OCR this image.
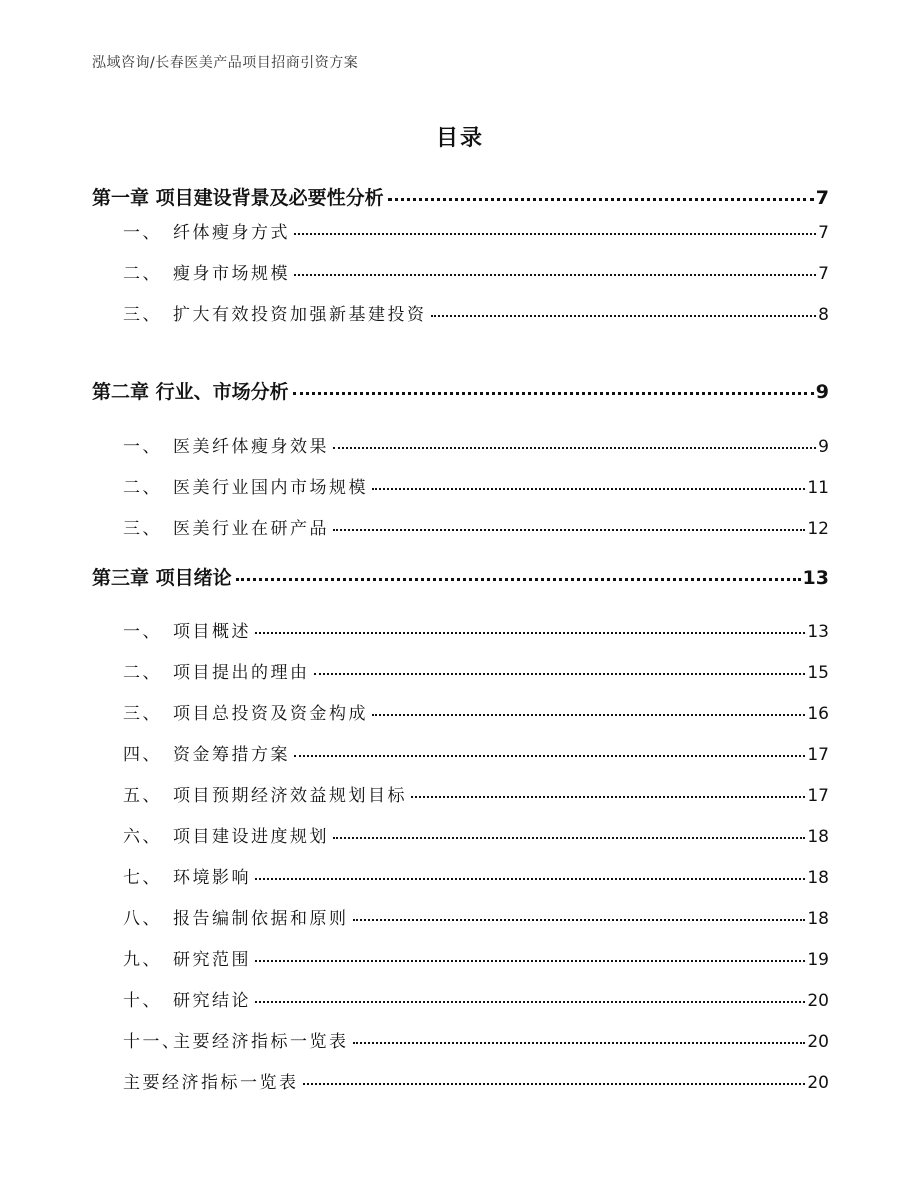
泓域咨询/长春医美产品项目招商引资方案
目录
第一章 项目建设背景及必要性分析	7
一、 纤体瘦身方式	7
二、 瘦身市场规模	7
三、 扩大有效投资加强新基建投资	8
第二章 行业、市场分析	9
一、 医美纤体瘦身效果	9
二、 医美行业国内市场规模	11
三、 医美行业在研产品	12
第三章 项目绪论	13
一、 项目概述	13
二、 项目提出的理由	15
三、 项目总投资及资金构成	16
四、 资金筹措方案	17
五、 项目预期经济效益规划目标	17
六、 项目建设进度规划	18
七、 环境影响	18
八、 报告编制依据和原则	18
九、 研究范围	19
十、 研究结论	20
十一、主要经济指标一览表	20
主要经济指标一览表	20
